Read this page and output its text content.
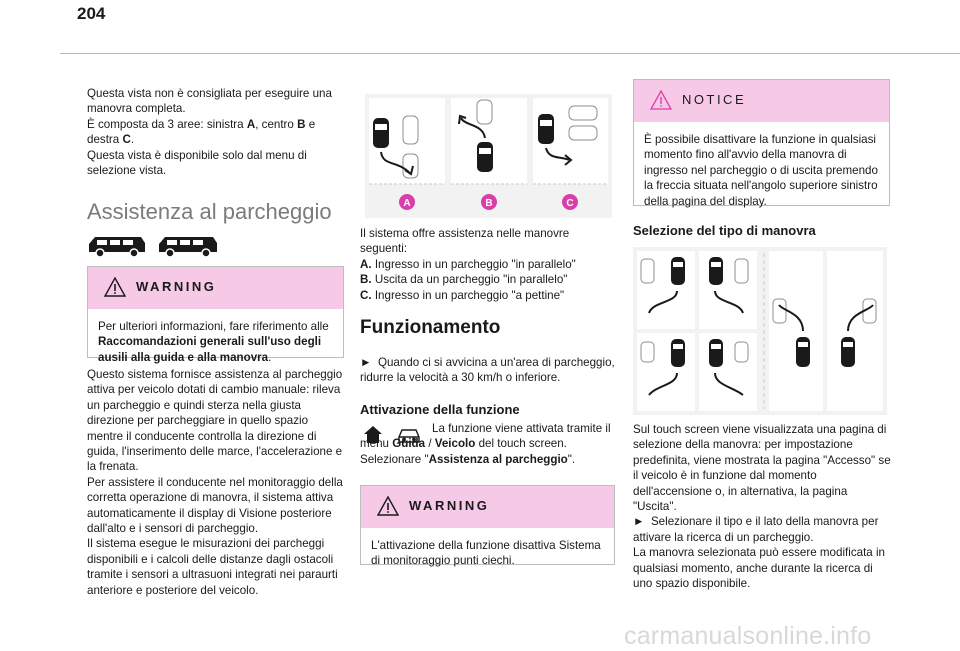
204

Questa vista non è consigliata per eseguire una manovra completa.

È composta da 3 aree: sinistra A, centro B e destra C.

Questa vista è disponibile solo dal menu di selezione vista.

Assistenza al parcheggio
WARNING
Per ulteriori informazioni, fare riferimento alle Raccomandazioni generali sull'uso degli ausili alla guida e alla manovra.

Questo sistema fornisce assistenza al parcheggio attiva per veicolo dotati di cambio manuale: rileva un parcheggio e quindi sterza nella giusta direzione per parcheggiare in quello spazio mentre il conducente controlla la direzione di guida, l'inserimento delle marce, l'accelerazione e la frenata.

Per assistere il conducente nel monitoraggio della corretta operazione di manovra, il sistema attiva automaticamente il display di Visione posteriore dall'alto e i sensori di parcheggio.

Il sistema esegue le misurazioni dei parcheggi disponibili e i calcoli delle distanze dagli ostacoli tramite i sensori a ultrasuoni integrati nei paraurti anteriore e posteriore del veicolo.

A	B	C

Il sistema offre assistenza nelle manovre seguenti:

A. Ingresso in un parcheggio "in parallelo"

B. Uscita da un parcheggio "in parallelo"

C. Ingresso in un parcheggio "a pettine"

Funzionamento

► Quando ci si avvicina a un'area di parcheggio, ridurre la velocità a 30 km/h o inferiore.

Attivazione della funzione

La funzione viene attivata tramite il menu Guida / Veicolo del touch screen.

Selezionare "Assistenza al parcheggio".

WARNING
L'attivazione della funzione disattiva Sistema di monitoraggio punti ciechi.
NOTICE
È possibile disattivare la funzione in qualsiasi momento fino all'avvio della manovra di ingresso nel parcheggio o di uscita premendo la freccia situata nell'angolo superiore sinistro della pagina del display.
Selezione del tipo di manovra

Sul touch screen viene visualizzata una pagina di selezione della manovra: per impostazione predefinita, viene mostrata la pagina "Accesso" se il veicolo è in funzione dal momento dell'accensione o, in alternativa, la pagina "Uscita".

► Selezionare il tipo e il lato della manovra per attivare la ricerca di un parcheggio.

La manovra selezionata può essere modificata in qualsiasi momento, anche durante la ricerca di uno spazio disponibile.

carmanualsonline.info
